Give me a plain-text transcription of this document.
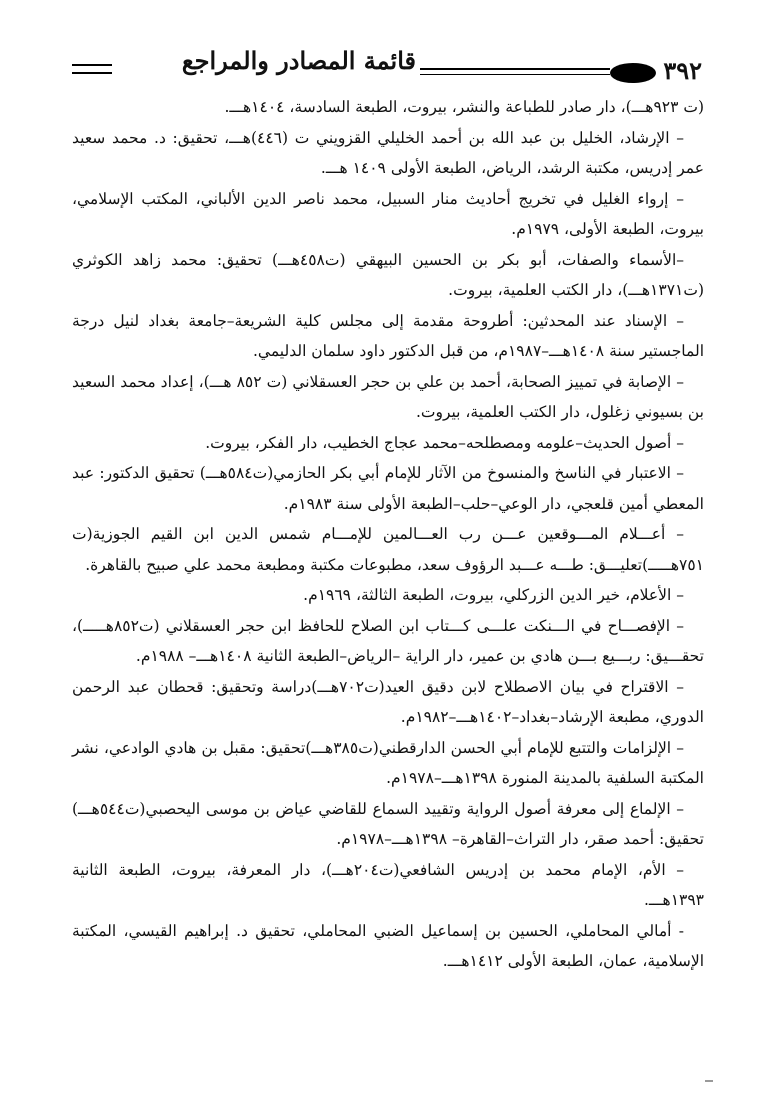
٣٩٢
قائمة المصادر والمراجع

(ت ٩٢٣هـــ)، دار صادر للطباعة والنشر، بيروت، الطبعة السادسة، ١٤٠٤هـــ.

– الإرشاد، الخليل بن عبد الله بن أحمد الخليلي القزويني ت (٤٤٦)هـــ، تحقيق: د. محمد سعيد عمر إدريس، مكتبة الرشد، الرياض، الطبعة الأولى ١٤٠٩ هـــ.

– إرواء الغليل في تخريج أحاديث منار السبيل، محمد ناصر الدين الألباني، المكتب الإسلامي، بيروت، الطبعة الأولى، ١٩٧٩م.

–الأسماء والصفات، أبو بكر بن الحسين البيهقي (ت٤٥٨هـــ) تحقيق: محمد زاهد الكوثري (ت١٣٧١هـــ)، دار الكتب العلمية، بيروت.

– الإسناد عند المحدثين: أطروحة مقدمة إلى مجلس كلية الشريعة–جامعة بغداد لنيل درجة الماجستير سنة ١٤٠٨هـــ–١٩٨٧م، من قبل الدكتور داود سلمان الدليمي.

– الإصابة في تمييز الصحابة، أحمد بن علي بن حجر العسقلاني (ت ٨٥٢ هـــ)، إعداد محمد السعيد بن بسيوني زغلول، دار الكتب العلمية، بيروت.

– أصول الحديث–علومه ومصطلحه–محمد عجاج الخطيب، دار الفكر، بيروت.

– الاعتبار في الناسخ والمنسوخ من الآثار للإمام أبي بكر الحازمي(ت٥٨٤هـــ) تحقيق الدكتور: عبد المعطي أمين قلعجي، دار الوعي–حلب–الطبعة الأولى سنة ١٩٨٣م.

– أعـــلام المـــوقعين عـــن رب العـــالمين للإمـــام شمس الدين ابن القيم الجوزية(ت ٧٥١هـــــ)تعليـــق: طـــه عـــبد الرؤوف سعد، مطبوعات مكتبة ومطبعة محمد علي صبيح بالقاهرة.

– الأعلام، خير الدين الزركلي، بيروت، الطبعة الثالثة، ١٩٦٩م.

– الإفصـــاح في الـــنكت علـــى كـــتاب ابن الصلاح للحافظ ابن حجر العسقلاني (ت٨٥٢هـــــ)، تحقـــيق: ربـــيع بـــن هادي بن عمير، دار الراية –الرياض–الطبعة الثانية ١٤٠٨هـــ– ١٩٨٨م.

– الاقتراح في بيان الاصطلاح لابن دقيق العيد(ت٧٠٢هـــ)دراسة وتحقيق: قحطان عبد الرحمن الدوري، مطبعة الإرشاد–بغداد–١٤٠٢هـــ–١٩٨٢م.

– الإلزامات والتتبع للإمام أبي الحسن الدارقطني(ت٣٨٥هـــ)تحقيق: مقبل بن هادي الوادعي، نشر المكتبة السلفية بالمدينة المنورة ١٣٩٨هـــ–١٩٧٨م.

– الإلماع إلى معرفة أصول الرواية وتقييد السماع للقاضي عياض بن موسى اليحصبي(ت٥٤٤هـــ) تحقيق: أحمد صقر، دار التراث–القاهرة– ١٣٩٨هـــ–١٩٧٨م.

– الأم، الإمام محمد بن إدريس الشافعي(ت٢٠٤هـــ)، دار المعرفة، بيروت، الطبعة الثانية ١٣٩٣هـــ.

- أمالي المحاملي، الحسين بن إسماعيل الضبي المحاملي، تحقيق د. إبراهيم القيسي، المكتبة الإسلامية، عمان، الطبعة الأولى ١٤١٢هـــ.
